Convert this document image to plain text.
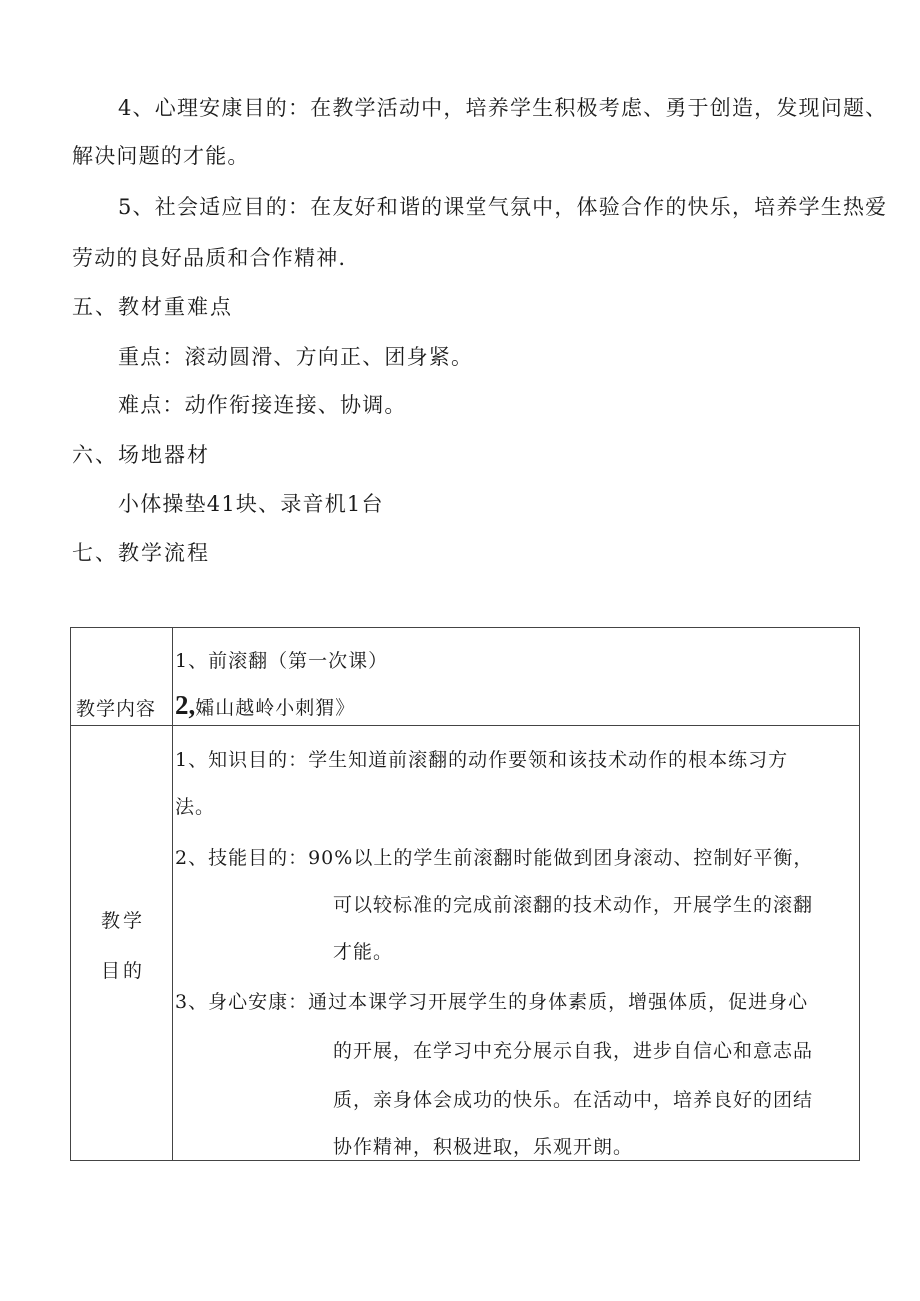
4、心理安康目的：在教学活动中，培养学生积极考虑、勇于创造，发现问题、
解决问题的才能。
5、社会适应目的：在友好和谐的课堂气氛中，体验合作的快乐，培养学生热爱
劳动的良好品质和合作精神.
五、教材重难点
重点：滚动圆滑、方向正、团身紧。
难点：动作衔接连接、协调。
六、场地器材
小体操垫41块、录音机1台
七、教学流程
教学内容
1、前滚翻（第一次课）
2,孀山越岭小刺猬》
教学
目的
1、知识目的：学生知道前滚翻的动作要领和该技术动作的根本练习方
法。
2、技能目的：90%以上的学生前滚翻时能做到团身滚动、控制好平衡，
可以较标准的完成前滚翻的技术动作，开展学生的滚翻
才能。
3、身心安康：通过本课学习开展学生的身体素质，增强体质，促进身心
的开展，在学习中充分展示自我，进步自信心和意志品
质，亲身体会成功的快乐。在活动中，培养良好的团结
协作精神，积极进取，乐观开朗。
